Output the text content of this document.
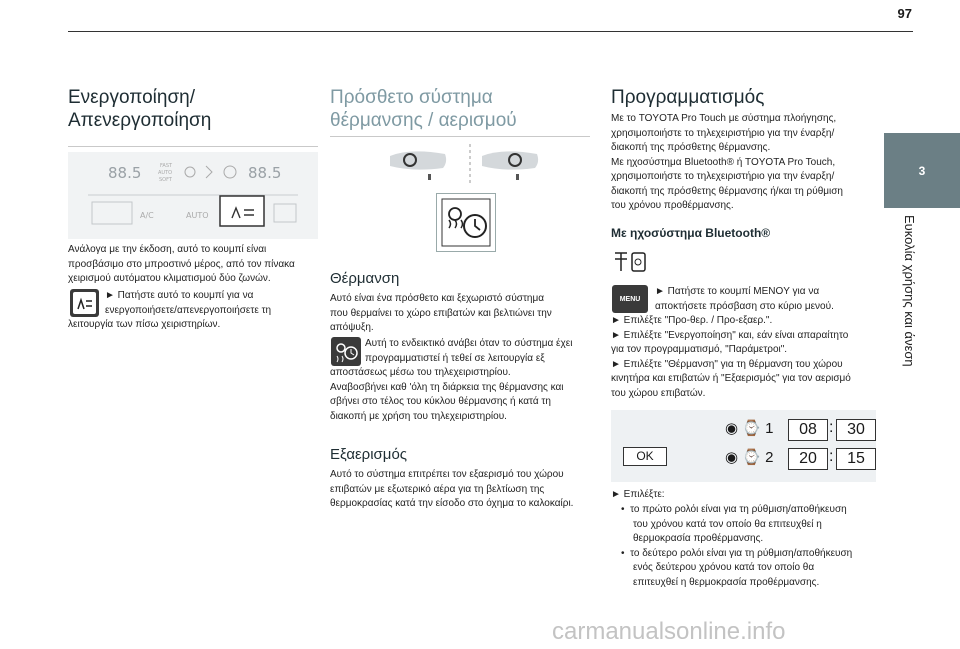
97
3
Ευκολία χρήσης και άνεση
Ενεργοποίηση/
Απενεργοποίηση
88.5	88.5
FAST
AUTO
SOFT
A/C	AUTO
Ανάλογα με την έκδοση, αυτό το κουμπί είναι
προσβάσιμο στο μπροστινό μέρος, από τον πίνακα
χειρισμού αυτόματου κλιματισμού δύο ζωνών.
► Πατήστε αυτό το κουμπί για να
ενεργοποιήσετε/απενεργοποιήσετε τη
λειτουργία των πίσω χειριστηρίων.
Πρόσθετο σύστημα
θέρμανσης / αερισμού
Θέρμανση
Αυτό είναι ένα πρόσθετο και ξεχωριστό σύστημα
που θερμαίνει το χώρο επιβατών και βελτιώνει την
απόψυξη.
Αυτή το ενδεικτικό ανάβει όταν το σύστημα έχει
προγραμματιστεί ή τεθεί σε λειτουργία εξ
αποστάσεως μέσω του τηλεχειριστηρίου.
Αναβοσβήνει καθ 'όλη τη διάρκεια της θέρμανσης και
σβήνει στο τέλος του κύκλου θέρμανσης ή κατά τη
διακοπή με χρήση του τηλεχειριστηρίου.
Εξαερισμός
Αυτό το σύστημα επιτρέπει τον εξαερισμό του χώρου
επιβατών με εξωτερικό αέρα για τη βελτίωση της
θερμοκρασίας κατά την είσοδο στο όχημα το καλοκαίρι.
Προγραμματισμός
Με το TOYOTA Pro Touch με σύστημα πλοήγησης,
χρησιμοποιήστε το τηλεχειριστήριο για την έναρξη/
διακοπή της πρόσθετης θέρμανσης.
Με ηχοσύστημα Bluetooth® ή TOYOTA Pro Touch,
χρησιμοποιήστε το τηλεχειριστήριο για την έναρξη/
διακοπή της πρόσθετης θέρμανσης ή/και τη ρύθμιση
του χρόνου προθέρμανσης.
Με ηχοσύστημα Bluetooth®
MENU
► Πατήστε το κουμπί MENOY για να
αποκτήσετε πρόσβαση στο κύριο μενού.
► Επιλέξτε "Προ-θερ. / Προ-εξαερ.".
► Επιλέξτε "Ενεργοποίηση" και, εάν είναι απαραίτητο
για τον προγραμματισμό, "Παράμετροι".
► Επιλέξτε "Θέρμανση" για τη θέρμανση του χώρου
κινητήρα και επιβατών ή "Εξαερισμός" για τον αερισμό
του χώρου επιβατών.
OK
◉ ⌚ 1	08 : 30
◉ ⌚ 2	20 : 15
► Επιλέξτε:
•  το πρώτο ρολόι είναι για τη ρύθμιση/αποθήκευση
του χρόνου κατά τον οποίο θα επιτευχθεί η
θερμοκρασία προθέρμανσης.
•  το δεύτερο ρολόι είναι για τη ρύθμιση/αποθήκευση
ενός δεύτερου χρόνου κατά τον οποίο θα
επιτευχθεί η θερμοκρασία προθέρμανσης.
carmanualsonline.info
